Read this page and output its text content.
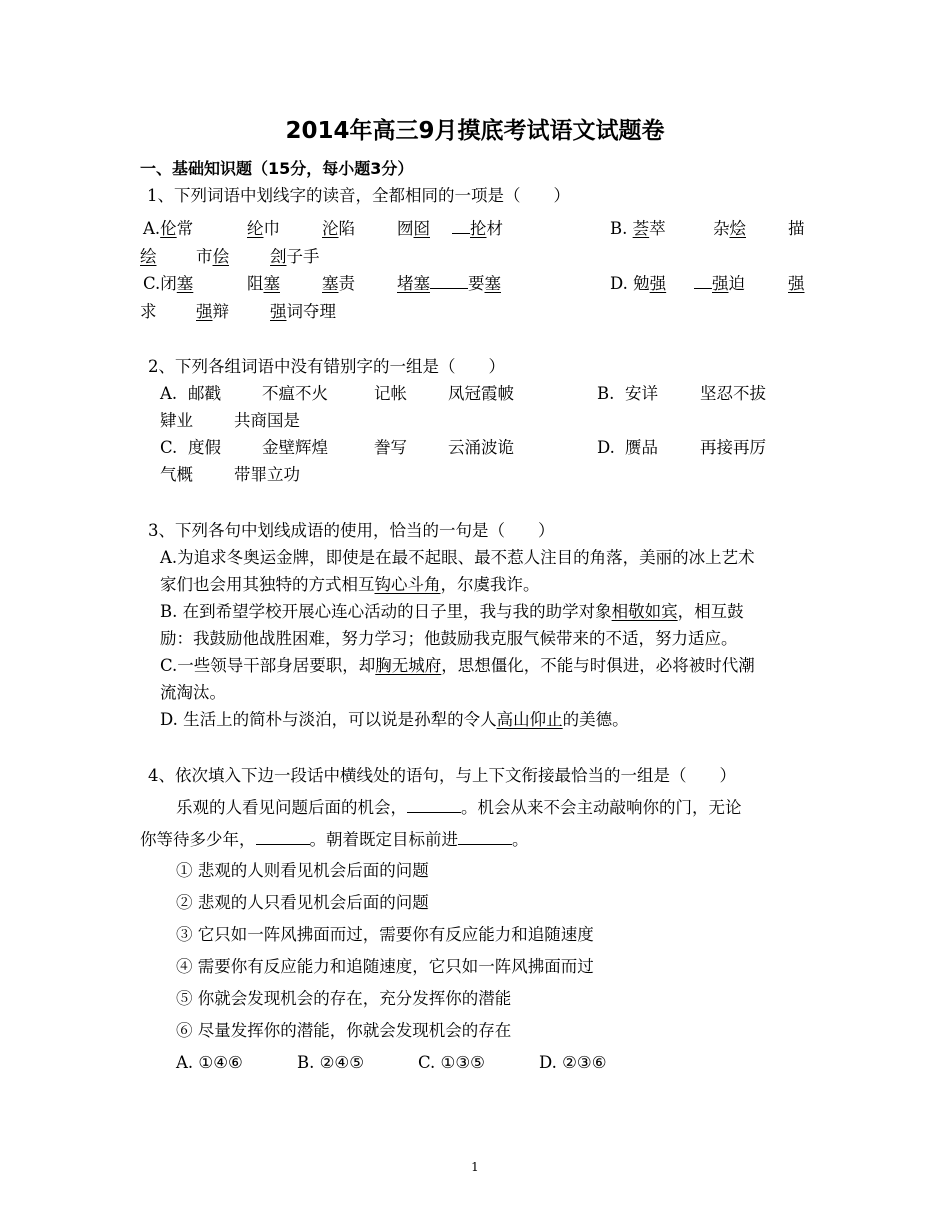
2014年高三9月摸底考试语文试题卷
一、基础知识题（15分，每小题3分）
1、下列词语中划线字的读音，全都相同的一项是（　　）
A.伦常	纶巾	沦陷	囫囵	抡材	B. 荟萃	杂烩	描
绘 市侩 刽子手
C.闭塞	阻塞	塞责	堵塞 要塞	D. 勉强	强迫	强
求 强辩 强词夺理
2、下列各组词语中没有错别字的一组是（　　）
A. 邮戳 不瘟不火	记帐 凤冠霞帔	B. 安详	坚忍不拔
肄业 共商国是
C. 度假 金壁辉煌	誊写 云涌波诡	D. 赝品	再接再厉
气概 带罪立功
3、下列各句中划线成语的使用，恰当的一句是（　　）
A.为追求冬奥运金牌，即使是在最不起眼、最不惹人注目的角落，美丽的冰上艺术
家们也会用其独特的方式相互钩心斗角，尔虞我诈。
B. 在到希望学校开展心连心活动的日子里，我与我的助学对象相敬如宾，相互鼓
励：我鼓励他战胜困难，努力学习；他鼓励我克服气候带来的不适，努力适应。
C.一些领导干部身居要职，却胸无城府，思想僵化，不能与时俱进，必将被时代潮
流淘汰。
D. 生活上的简朴与淡泊，可以说是孙犁的令人高山仰止的美德。
4、依次填入下边一段话中横线处的语句，与上下文衔接最恰当的一组是（　　）
乐观的人看见问题后面的机会，	。机会从来不会主动敲响你的门，无论
你等待多少年，	。朝着既定目标前进	。
① 悲观的人则看见机会后面的问题
② 悲观的人只看见机会后面的问题
③ 它只如一阵风拂面而过，需要你有反应能力和追随速度
④ 需要你有反应能力和追随速度，它只如一阵风拂面而过
⑤ 你就会发现机会的存在，充分发挥你的潜能
⑥ 尽量发挥你的潜能，你就会发现机会的存在
A. ①④⑥	B. ②④⑤	C. ①③⑤	D. ②③⑥
1
